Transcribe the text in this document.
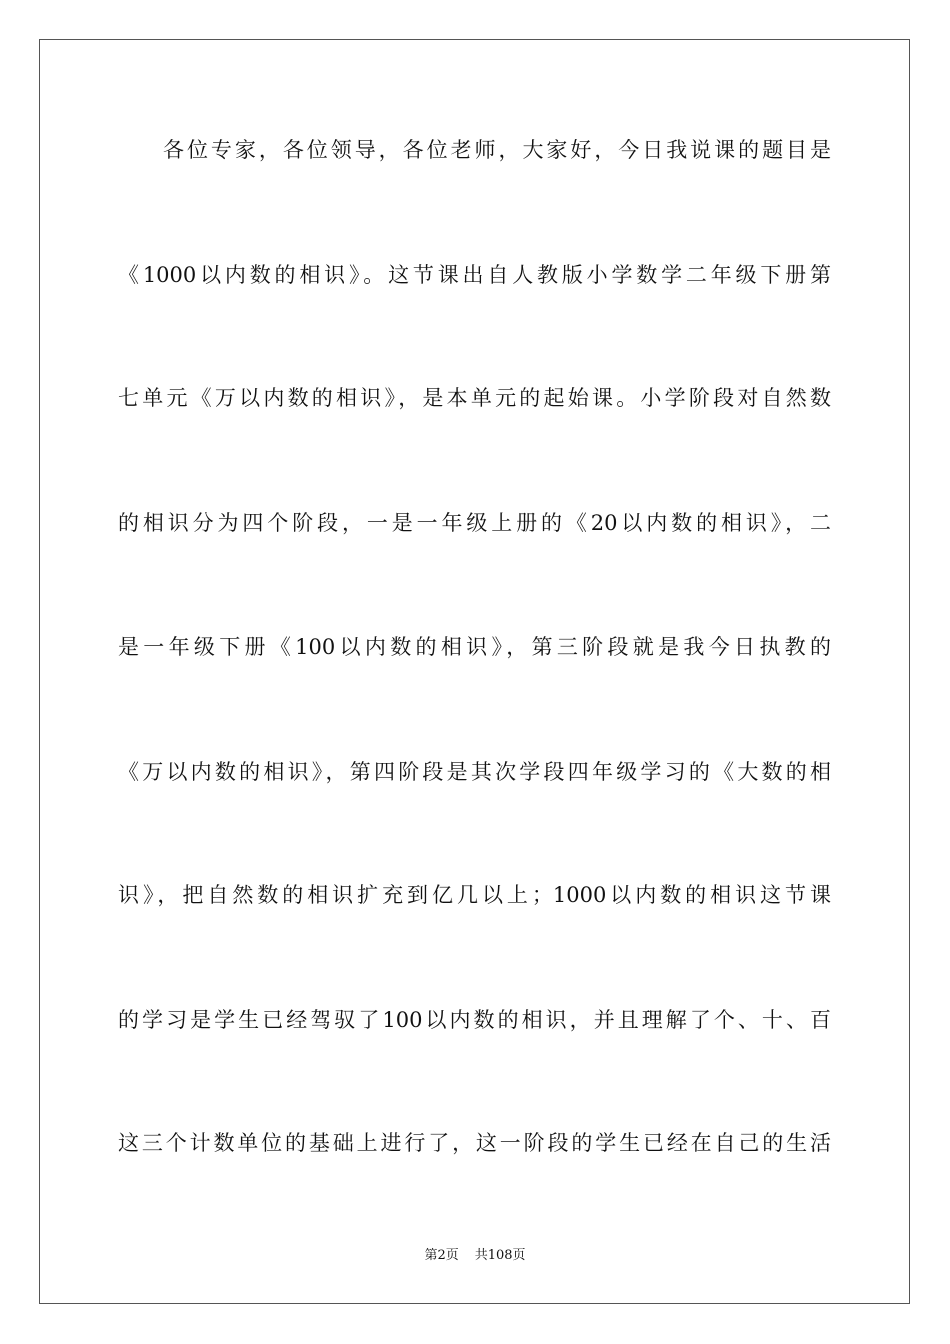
各位专家，各位领导，各位老师，大家好，今日我说课的题目是
《1000以内数的相识》。这节课出自人教版小学数学二年级下册第
七单元《万以内数的相识》，是本单元的起始课。小学阶段对自然数
的相识分为四个阶段，一是一年级上册的《20以内数的相识》，二
是一年级下册《100以内数的相识》，第三阶段就是我今日执教的
《万以内数的相识》，第四阶段是其次学段四年级学习的《大数的相
识》，把自然数的相识扩充到亿几以上；1000以内数的相识这节课
的学习是学生已经驾驭了100以内数的相识，并且理解了个、十、百
这三个计数单位的基础上进行了，这一阶段的学生已经在自己的生活
第2页 共108页
